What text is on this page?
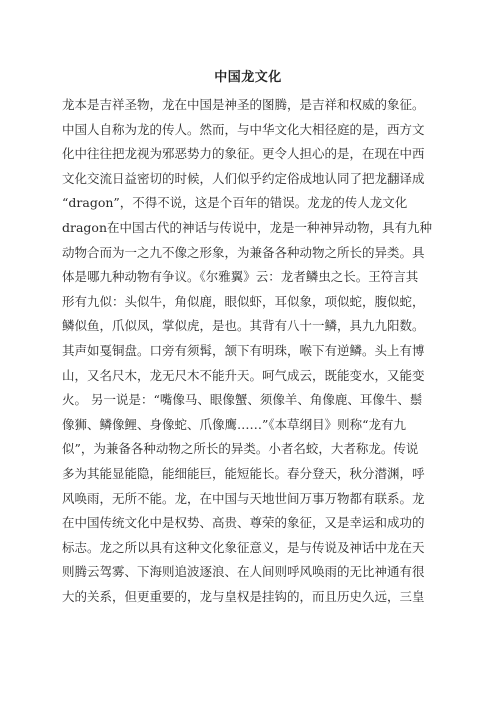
中国龙文化
龙本是吉祥圣物，龙在中国是神圣的图腾，是吉祥和权威的象征。
中国人自称为龙的传人。然而，与中华文化大相径庭的是，西方文
化中往往把龙视为邪恶势力的象征。更令人担心的是，在现在中西
文化交流日益密切的时候，人们似乎约定俗成地认同了把龙翻译成
“dragon”，不得不说，这是个百年的错误。龙龙的传人龙文化
dragon在中国古代的神话与传说中，龙是一种神异动物，具有九种
动物合而为一之九不像之形象，为兼备各种动物之所长的异类。具
体是哪九种动物有争议。《尔雅翼》云：龙者鳞虫之长。王符言其
形有九似：头似牛，角似鹿，眼似虾，耳似象，项似蛇，腹似蛇，
鳞似鱼，爪似凤，掌似虎，是也。其背有八十一鳞，具九九阳数。
其声如戛铜盘。口旁有须髯，颔下有明珠，喉下有逆鳞。头上有博
山，又名尺木，龙无尺木不能升天。呵气成云，既能变水，又能变
火。 另一说是：“嘴像马、眼像蟹、须像羊、角像鹿、耳像牛、鬃
像狮、鳞像鲤、身像蛇、爪像鹰……”《本草纲目》则称“龙有九
似”，为兼备各种动物之所长的异类。小者名蛟，大者称龙。传说
多为其能显能隐，能细能巨，能短能长。春分登天，秋分潜渊，呼
风唤雨，无所不能。龙，在中国与天地世间万事万物都有联系。龙
在中国传统文化中是权势、高贵、尊荣的象征，又是幸运和成功的
标志。龙之所以具有这种文化象征意义，是与传说及神话中龙在天
则腾云驾雾、下海则追波逐浪、在人间则呼风唤雨的无比神通有很
大的关系，但更重要的，龙与皇权是挂钩的，而且历史久远，三皇
